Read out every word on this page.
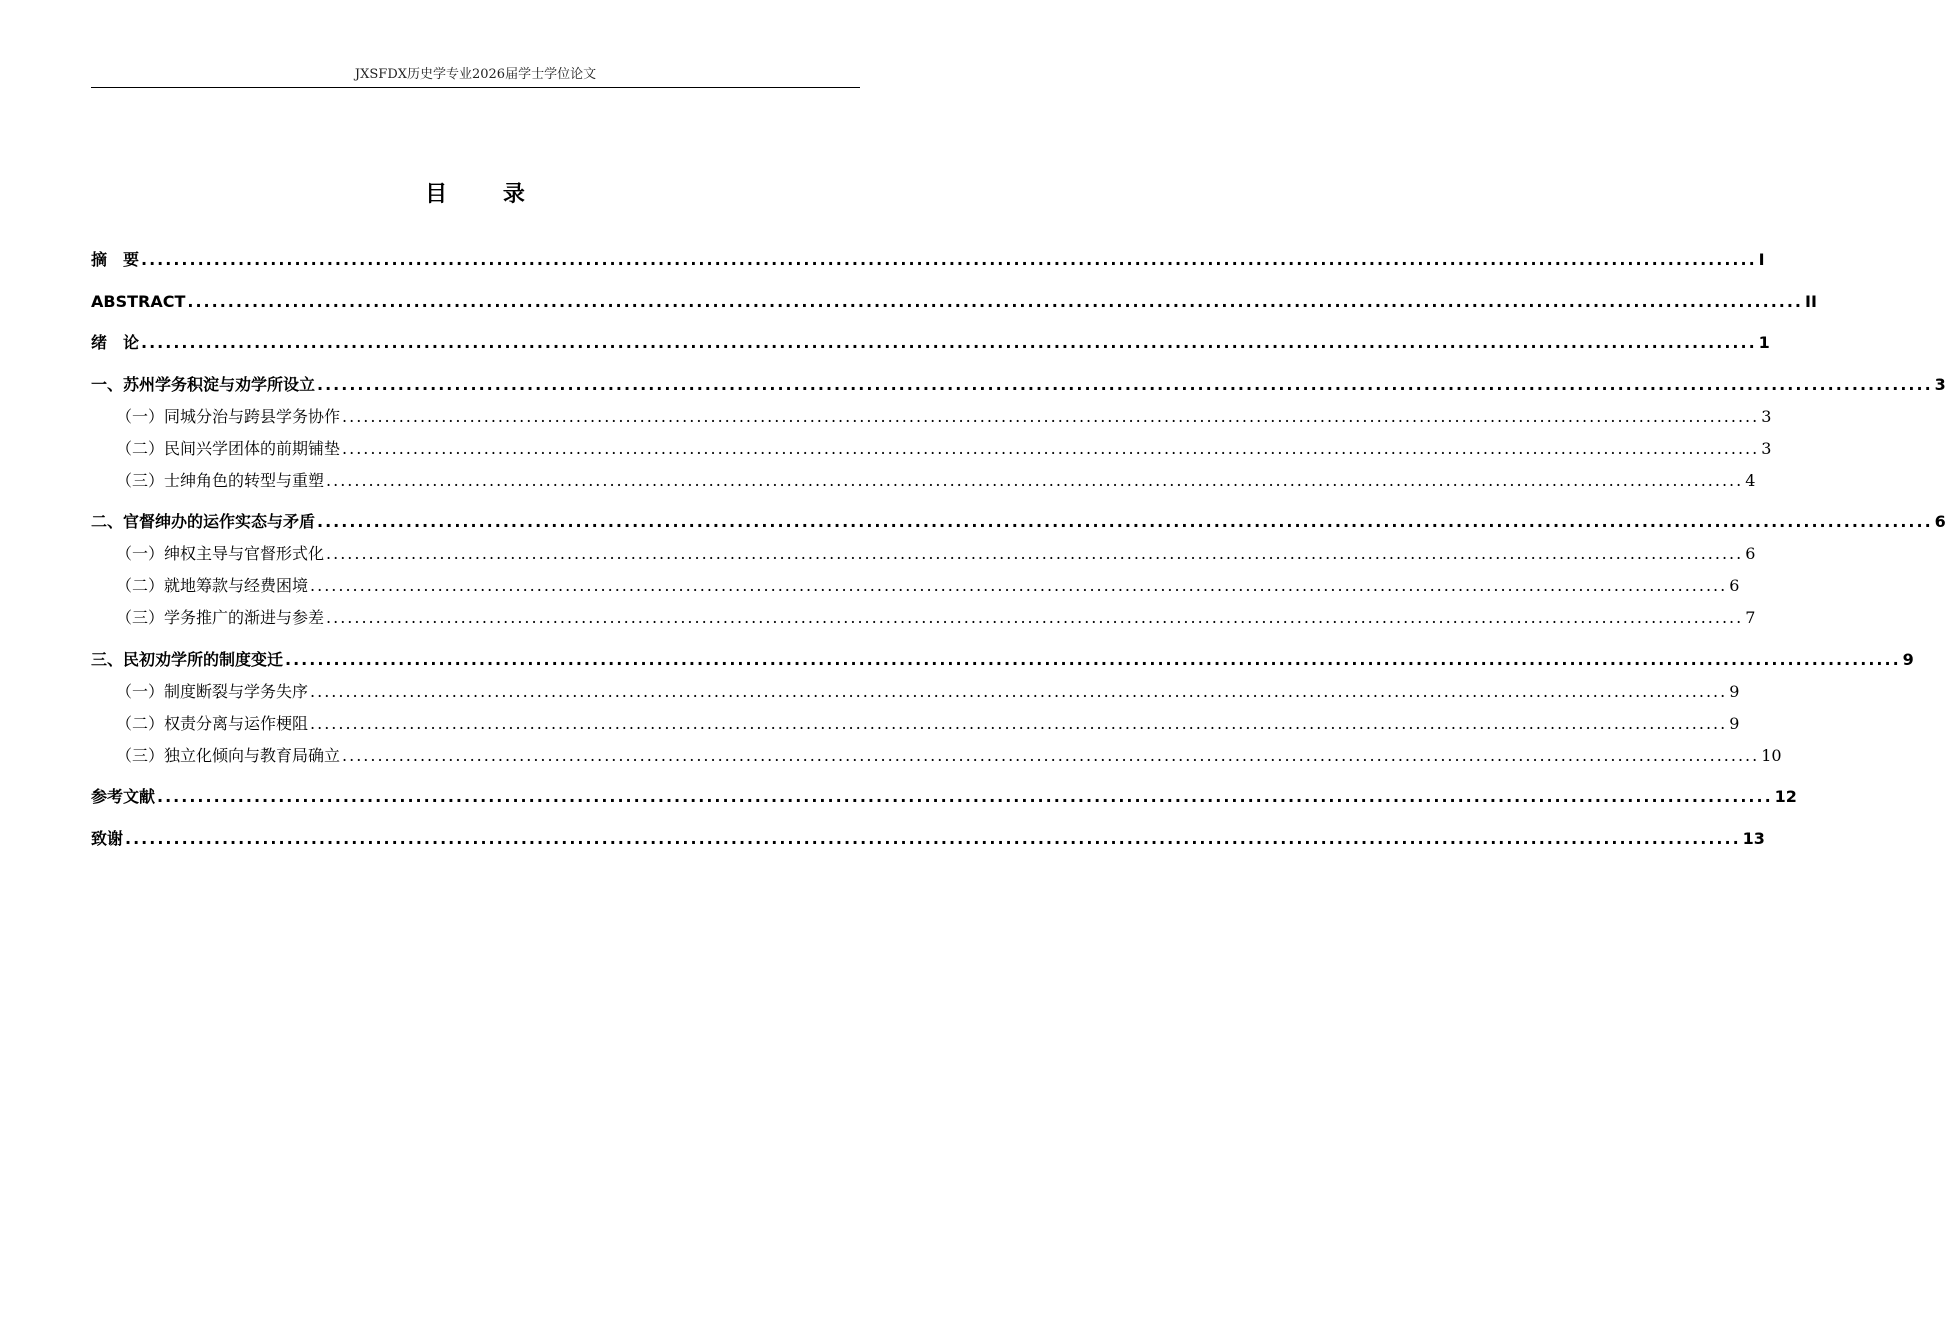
JXSFDX历史学专业2026届学士学位论文
目 录
摘　要 ........................................................................................................................................................................................................ I
ABSTRACT ........................................................................................................................................................................................................ II
绪　论 ........................................................................................................................................................................................................ 1
一、苏州学务积淀与劝学所设立 ........................................................................................................................................................................................................ 3
（一）同城分治与跨县学务协作 ........................................................................................................................................................................................................ 3
（二）民间兴学团体的前期铺垫 ........................................................................................................................................................................................................ 3
（三）士绅角色的转型与重塑 ........................................................................................................................................................................................................ 4
二、官督绅办的运作实态与矛盾 ........................................................................................................................................................................................................ 6
（一）绅权主导与官督形式化 ........................................................................................................................................................................................................ 6
（二）就地筹款与经费困境 ........................................................................................................................................................................................................ 6
（三）学务推广的渐进与参差 ........................................................................................................................................................................................................ 7
三、民初劝学所的制度变迁 ........................................................................................................................................................................................................ 9
（一）制度断裂与学务失序 ........................................................................................................................................................................................................ 9
（二）权责分离与运作梗阻 ........................................................................................................................................................................................................ 9
（三）独立化倾向与教育局确立 ........................................................................................................................................................................................................ 10
参考文献 ........................................................................................................................................................................................................ 12
致谢 ........................................................................................................................................................................................................ 13
